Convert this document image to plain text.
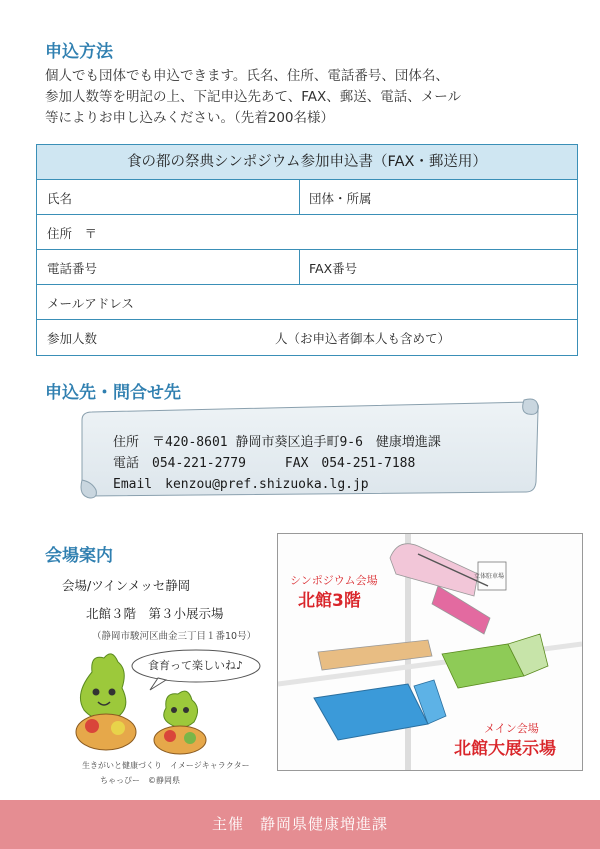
申込方法
個人でも団体でも申込できます。氏名、住所、電話番号、団体名、
参加人数等を明記の上、下記申込先あて、FAX、郵送、電話、メール
等によりお申し込みください。（先着200名様）
食の都の祭典シンポジウム参加申込書（FAX・郵送用）
氏名	団体・所属
住所　〒
電話番号	FAX番号
メールアドレス
参加人数	人（お申込者御本人も含めて）
申込先・問合せ先
住所　〒420-8601 静岡市葵区追手町9-6　健康増進課
電話　054-221-2779　　　FAX　054-251-7188
Email　kenzou@pref.shizuoka.lg.jp
会場案内
会場/ツインメッセ静岡
北館３階　第３小展示場
（静岡市駿河区曲金三丁目１番10号）
食育って楽しいね♪
生きがいと健康づくり　イメージキャラクター
ちゃっぴー　©静岡県
シンポジウム会場
北館3階
立体駐車場
メイン会場
北館大展示場
主催　静岡県健康増進課
